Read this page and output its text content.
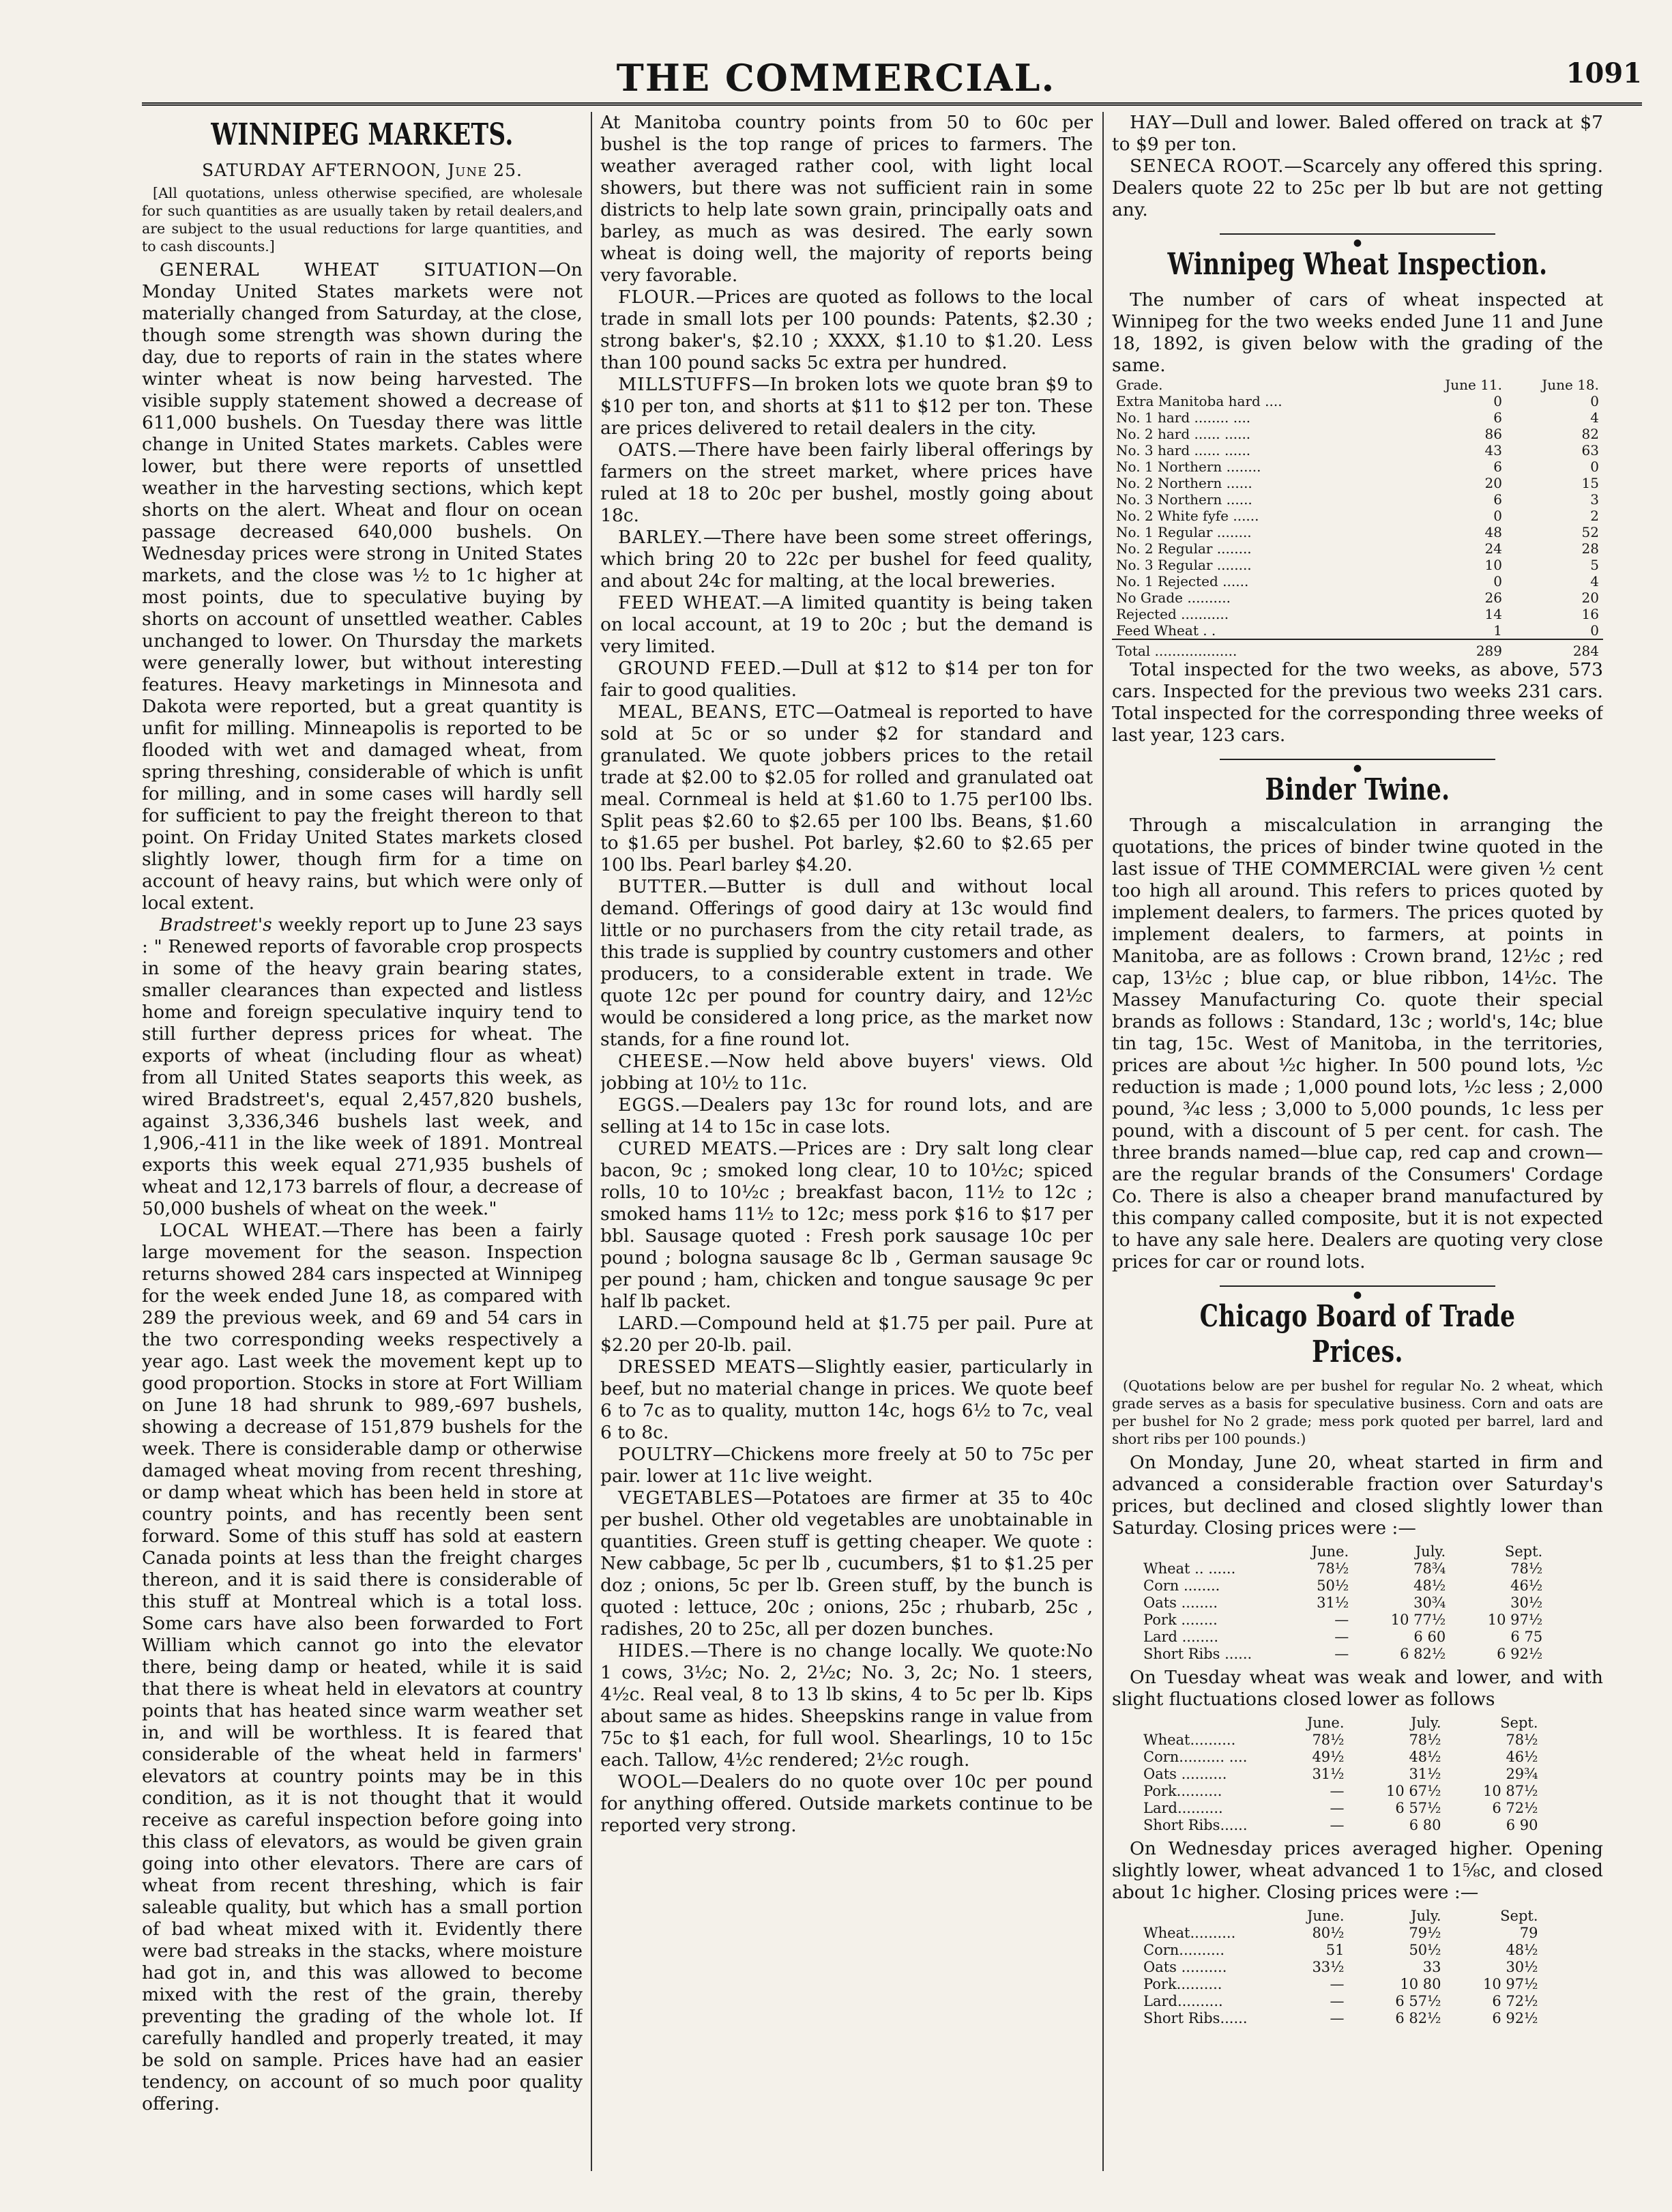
THE COMMERCIAL.	1091
WINNIPEG MARKETS.
SATURDAY AFTERNOON, June 25.

[All quotations, unless otherwise specified, are wholesale for such quantities as are usually taken by retail dealers,and are subject to the usual reductions for large quantities, and to cash discounts.]

GENERAL WHEAT SITUATION—On Monday United States markets were not materially changed from Saturday, at the close, though some strength was shown during the day, due to reports of rain in the states where winter wheat is now being harvested. The visible supply statement showed a decrease of 611,000 bushels. On Tuesday there was little change in United States markets. Cables were lower, but there were reports of unsettled weather in the harvesting sections, which kept shorts on the alert. Wheat and flour on ocean passage decreased 640,000 bushels. On Wednesday prices were strong in United States markets, and the close was ½ to 1c higher at most points, due to speculative buying by shorts on account of unsettled weather. Cables unchanged to lower. On Thursday the markets were generally lower, but without interesting features. Heavy marketings in Minnesota and Dakota were reported, but a great quantity is unfit for milling. Minneapolis is reported to be flooded with wet and damaged wheat, from spring threshing, considerable of which is unfit for milling, and in some cases will hardly sell for sufficient to pay the freight thereon to that point. On Friday United States markets closed slightly lower, though firm for a time on account of heavy rains, but which were only of local extent.

Bradstreet's weekly report up to June 23 says : " Renewed reports of favorable crop prospects in some of the heavy grain bearing states, smaller clearances than expected and listless home and foreign speculative inquiry tend to still further depress prices for wheat. The exports of wheat (including flour as wheat) from all United States seaports this week, as wired Bradstreet's, equal 2,457,820 bushels, against 3,336,346 bushels last week, and 1,906,-411 in the like week of 1891. Montreal exports this week equal 271,935 bushels of wheat and 12,173 barrels of flour, a decrease of 50,000 bushels of wheat on the week."

LOCAL WHEAT.—There has been a fairly large movement for the season. Inspection returns showed 284 cars inspected at Winnipeg for the week ended June 18, as compared with 289 the previous week, and 69 and 54 cars in the two corresponding weeks respectively a year ago. Last week the movement kept up to good proportion. Stocks in store at Fort William on June 18 had shrunk to 989,-697 bushels, showing a decrease of 151,879 bushels for the week. There is considerable damp or otherwise damaged wheat moving from recent threshing, or damp wheat which has been held in store at country points, and has recently been sent forward. Some of this stuff has sold at eastern Canada points at less than the freight charges thereon, and it is said there is considerable of this stuff at Montreal which is a total loss. Some cars have also been forwarded to Fort William which cannot go into the elevator there, being damp or heated, while it is said that there is wheat held in elevators at country points that has heated since warm weather set in, and will be worthless. It is feared that considerable of the wheat held in farmers' elevators at country points may be in this condition, as it is not thought that it would receive as careful inspection before going into this class of elevators, as would be given grain going into other elevators. There are cars of wheat from recent threshing, which is fair saleable quality, but which has a small portion of bad wheat mixed with it. Evidently there were bad streaks in the stacks, where moisture had got in, and this was allowed to become mixed with the rest of the grain, thereby preventing the grading of the whole lot. If carefully handled and properly treated, it may be sold on sample. Prices have had an easier tendency, on account of so much poor quality offering.

At Manitoba country points from 50 to 60c per bushel is the top range of prices to farmers. The weather averaged rather cool, with light local showers, but there was not sufficient rain in some districts to help late sown grain, principally oats and barley, as much as was desired. The early sown wheat is doing well, the majority of reports being very favorable.

FLOUR.—Prices are quoted as follows to the local trade in small lots per 100 pounds: Patents, $2.30 ; strong baker's, $2.10 ; XXXX, $1.10 to $1.20. Less than 100 pound sacks 5c extra per hundred.

MILLSTUFFS—In broken lots we quote bran $9 to $10 per ton, and shorts at $11 to $12 per ton. These are prices delivered to retail dealers in the city.

OATS.—There have been fairly liberal offerings by farmers on the street market, where prices have ruled at 18 to 20c per bushel, mostly going about 18c.

BARLEY.—There have been some street offerings, which bring 20 to 22c per bushel for feed quality, and about 24c for malting, at the local breweries.

FEED WHEAT.—A limited quantity is being taken on local account, at 19 to 20c ; but the demand is very limited.

GROUND FEED.—Dull at $12 to $14 per ton for fair to good qualities.

MEAL, BEANS, ETC—Oatmeal is reported to have sold at 5c or so under $2 for standard and granulated. We quote jobbers prices to the retail trade at $2.00 to $2.05 for rolled and granulated oat meal. Cornmeal is held at $1.60 to 1.75 per100 lbs. Split peas $2.60 to $2.65 per 100 lbs. Beans, $1.60 to $1.65 per bushel. Pot barley, $2.60 to $2.65 per 100 lbs. Pearl barley $4.20.

BUTTER.—Butter is dull and without local demand. Offerings of good dairy at 13c would find little or no purchasers from the city retail trade, as this trade is supplied by country customers and other producers, to a considerable extent in trade. We quote 12c per pound for country dairy, and 12½c would be considered a long price, as the market now stands, for a fine round lot.

CHEESE.—Now held above buyers' views. Old jobbing at 10½ to 11c.

EGGS.—Dealers pay 13c for round lots, and are selling at 14 to 15c in case lots.

CURED MEATS.—Prices are : Dry salt long clear bacon, 9c ; smoked long clear, 10 to 10½c; spiced rolls, 10 to 10½c ; breakfast bacon, 11½ to 12c ; smoked hams 11½ to 12c; mess pork $16 to $17 per bbl. Sausage quoted : Fresh pork sausage 10c per pound ; bologna sausage 8c lb , German sausage 9c per pound ; ham, chicken and tongue sausage 9c per half lb packet.

LARD.—Compound held at $1.75 per pail. Pure at $2.20 per 20-lb. pail.

DRESSED MEATS—Slightly easier, particularly in beef, but no material change in prices. We quote beef 6 to 7c as to quality, mutton 14c, hogs 6½ to 7c, veal 6 to 8c.

POULTRY—Chickens more freely at 50 to 75c per pair. lower at 11c live weight.

VEGETABLES—Potatoes are firmer at 35 to 40c per bushel. Other old vegetables are unobtainable in quantities. Green stuff is getting cheaper. We quote : New cabbage, 5c per lb , cucumbers, $1 to $1.25 per doz ; onions, 5c per lb. Green stuff, by the bunch is quoted : lettuce, 20c ; onions, 25c ; rhubarb, 25c , radishes, 20 to 25c, all per dozen bunches.

HIDES.—There is no change locally. We quote:No 1 cows, 3½c; No. 2, 2½c; No. 3, 2c; No. 1 steers, 4½c. Real veal, 8 to 13 lb skins, 4 to 5c per lb. Kips about same as hides. Sheepskins range in value from 75c to $1 each, for full wool. Shearlings, 10 to 15c each. Tallow, 4½c rendered; 2½c rough.

WOOL—Dealers do no quote over 10c per pound for anything offered. Outside markets continue to be reported very strong.

HAY—Dull and lower. Baled offered on track at $7 to $9 per ton.

SENECA ROOT.—Scarcely any offered this spring. Dealers quote 22 to 25c per lb but are not getting any.

●
Winnipeg Wheat Inspection.

The number of cars of wheat inspected at Winnipeg for the two weeks ended June 11 and June 18, 1892, is given below with the grading of the same.

Grade.	June 11.	June 18.
Extra Manitoba hard ....	0	0
No. 1 hard ........ ....	6	4
No. 2 hard ...... ......	86	82
No. 3 hard ...... ......	43	63
No. 1 Northern ........	6	0
No. 2 Northern ......	20	15
No. 3 Northern ......	6	3
No. 2 White fyfe ......	0	2
No. 1 Regular ........	48	52
No. 2 Regular ........	24	28
No. 3 Regular ........	10	5
No. 1 Rejected ......	0	4
No Grade ..........	26	20
Rejected ...........	14	16
Feed Wheat . .	1	0
Total ...................	289	284

Total inspected for the two weeks, as above, 573 cars. Inspected for the previous two weeks 231 cars. Total inspected for the corresponding three weeks of last year, 123 cars.

●
Binder Twine.

Through a miscalculation in arranging the quotations, the prices of binder twine quoted in the last issue of THE COMMERCIAL were given ½ cent too high all around. This refers to prices quoted by implement dealers, to farmers. The prices quoted by implement dealers, to farmers, at points in Manitoba, are as follows : Crown brand, 12½c ; red cap, 13½c ; blue cap, or blue ribbon, 14½c. The Massey Manufacturing Co. quote their special brands as follows : Standard, 13c ; world's, 14c; blue tin tag, 15c. West of Manitoba, in the territories, prices are about ½c higher. In 500 pound lots, ½c reduction is made ; 1,000 pound lots, ½c less ; 2,000 pound, ¾c less ; 3,000 to 5,000 pounds, 1c less per pound, with a discount of 5 per cent. for cash. The three brands named—blue cap, red cap and crown—are the regular brands of the Consumers' Cordage Co. There is also a cheaper brand manufactured by this company called composite, but it is not expected to have any sale here. Dealers are quoting very close prices for car or round lots.

●
Chicago Board of Trade Prices.

(Quotations below are per bushel for regular No. 2 wheat, which grade serves as a basis for speculative business. Corn and oats are per bushel for No 2 grade; mess pork quoted per barrel, lard and short ribs per 100 pounds.)

On Monday, June 20, wheat started in firm and advanced a considerable fraction over Saturday's prices, but declined and closed slightly lower than Saturday. Closing prices were :—

	June.	July.	Sept.
Wheat .. ......	78½	78¾	78½
Corn ........	50½	48½	46½
Oats ........	31½	30¾	30½
Pork ........	—	10 77½	10 97½
Lard ........	—	6 60	6 75
Short Ribs ......	—	6 82½	6 92½

On Tuesday wheat was weak and lower, and with slight fluctuations closed lower as follows

	June.	July.	Sept.
Wheat..........	78½	78½	78½
Corn.......... ....	49½	48½	46½
Oats ..........	31½	31½	29¾
Pork..........	—	10 67½	10 87½
Lard..........	—	6 57½	6 72½
Short Ribs......	—	6 80	6 90

On Wednesday prices averaged higher. Opening slightly lower, wheat advanced 1 to 1⅝c, and closed about 1c higher. Closing prices were :—

	June.	July.	Sept.
Wheat..........	80½	79½	79
Corn..........	51	50½	48½
Oats ..........	33½	33	30½
Pork..........	—	10 80	10 97½
Lard..........	—	6 57½	6 72½
Short Ribs......	—	6 82½	6 92½
